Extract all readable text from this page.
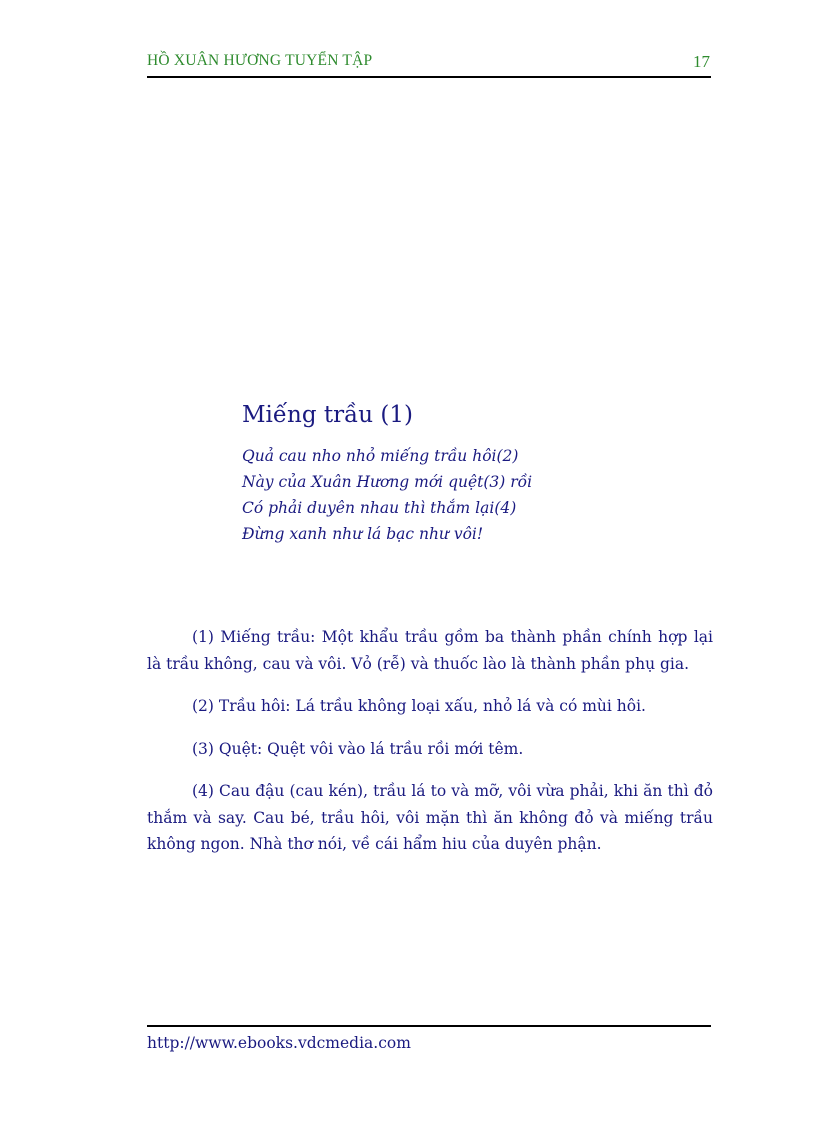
HỒ XUÂN HƯƠNG TUYỂN TẬP	17
Miếng trầu (1)
Quả cau nho nhỏ miếng trầu hôi(2)
Này của Xuân Hương mới quệt(3) rồi
Có phải duyên nhau thì thắm lại(4)
Đừng xanh như lá bạc như vôi!

(1) Miếng trầu: Một khẩu trầu gồm ba thành phần chính hợp lại là trầu không, cau và vôi. Vỏ (rễ) và thuốc lào là thành phần phụ gia.

(2) Trầu hôi: Lá trầu không loại xấu, nhỏ lá và có mùi hôi.

(3) Quệt: Quệt vôi vào lá trầu rồi mới têm.

(4) Cau đậu (cau kén), trầu lá to và mỡ, vôi vừa phải, khi ăn thì đỏ thắm và say. Cau bé, trầu hôi, vôi mặn thì ăn không đỏ và miếng trầu không ngon. Nhà thơ nói, về cái hẩm hiu của duyên phận.

http://www.ebooks.vdcmedia.com
